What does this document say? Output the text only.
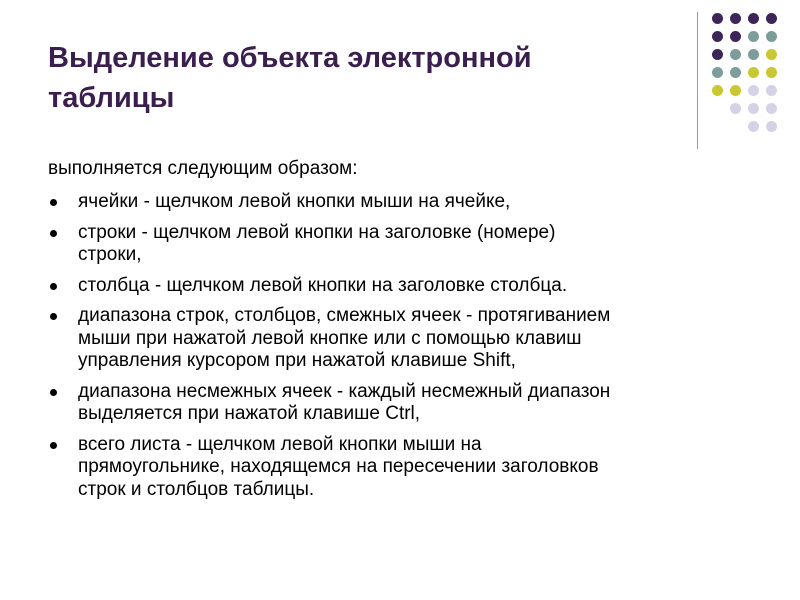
Выделение объекта электронной
таблицы

выполняется следующим образом:

ячейки - щелчком левой кнопки мыши на ячейке,
строки - щелчком левой кнопки на заголовке (номере)
строки,
столбца - щелчком левой кнопки на заголовке столбца.
диапазона строк, столбцов, смежных ячеек - протягиванием
мыши при нажатой левой кнопке или с помощью клавиш
управления курсором при нажатой клавише Shift,
диапазона несмежных ячеек - каждый несмежный диапазон
выделяется при нажатой клавише Ctrl,
всего листа - щелчком левой кнопки мыши на
прямоугольнике, находящемся на пересечении заголовков
строк и столбцов таблицы.
